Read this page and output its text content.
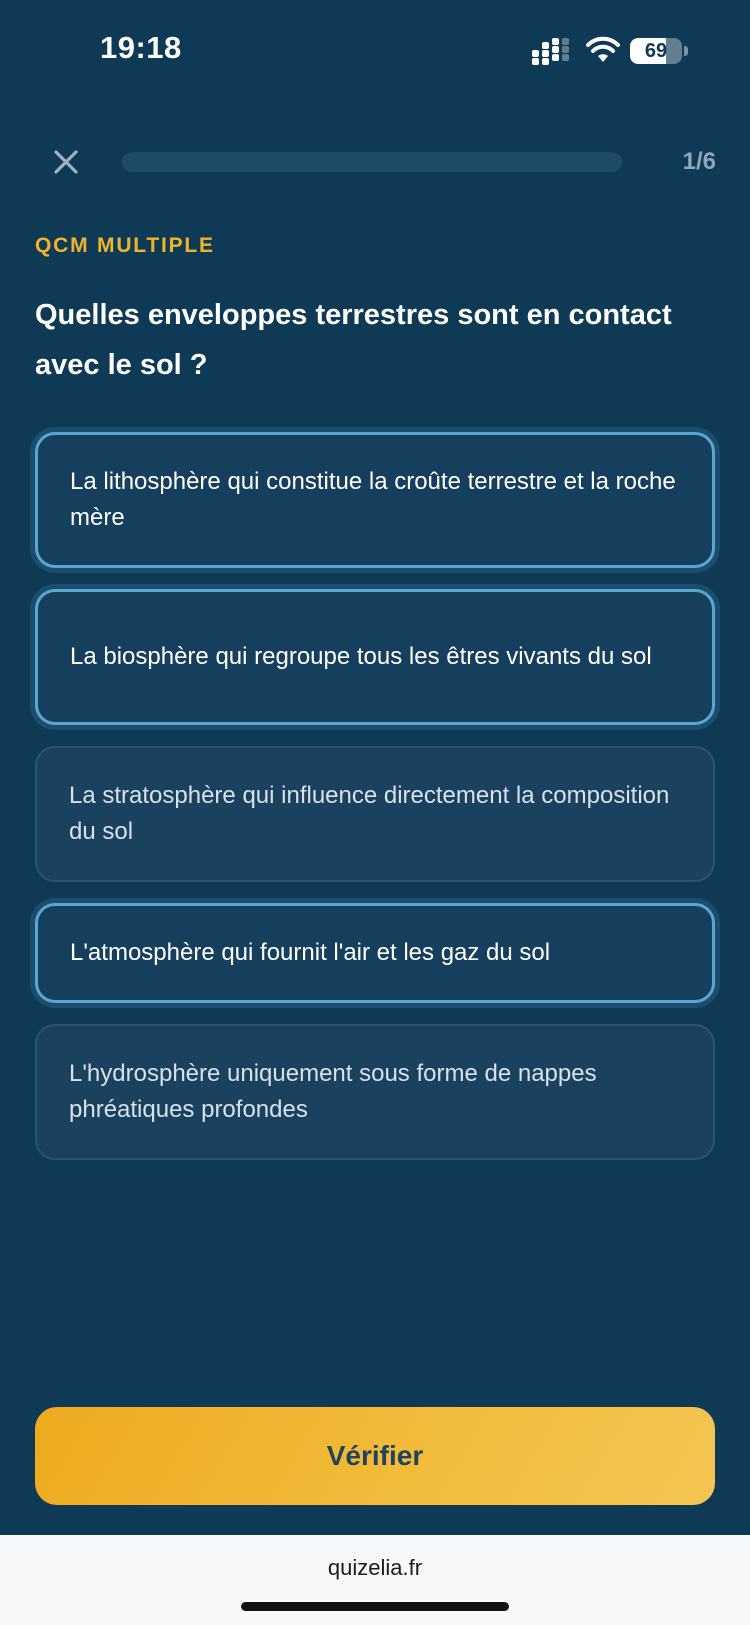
19:18	69
1/6
QCM MULTIPLE
Quelles enveloppes terrestres sont en contact avec le sol ?
La lithosphère qui constitue la croûte terrestre et la roche mère
La biosphère qui regroupe tous les êtres vivants du sol
La stratosphère qui influence directement la composition du sol
L'atmosphère qui fournit l'air et les gaz du sol
L'hydrosphère uniquement sous forme de nappes phréatiques profondes
Vérifier
quizelia.fr
